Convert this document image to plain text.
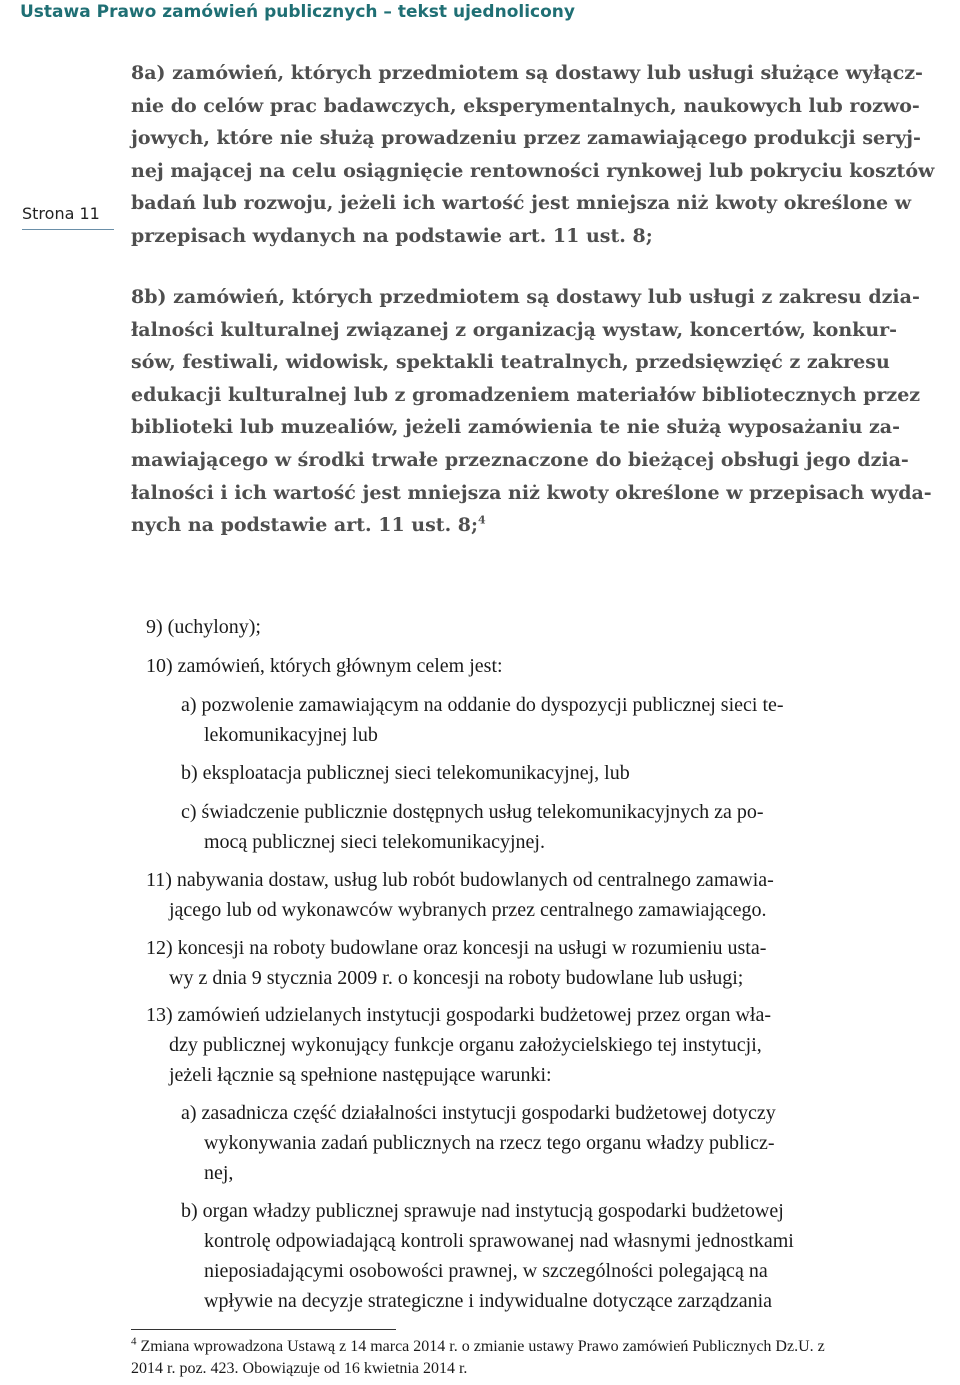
Ustawa Prawo zamówień publicznych – tekst ujednolicony
Strona 11
8a) zamówień, których przedmiotem są dostawy lub usługi służące wyłącz-
nie do celów prac badawczych, eksperymentalnych, naukowych lub rozwo-
jowych, które nie służą prowadzeniu przez zamawiającego produkcji seryj-
nej mającej na celu osiągnięcie rentowności rynkowej lub pokryciu kosztów
badań lub rozwoju, jeżeli ich wartość jest mniejsza niż kwoty określone w
przepisach wydanych na podstawie art. 11 ust. 8;
8b) zamówień, których przedmiotem są dostawy lub usługi z zakresu dzia-
łalności kulturalnej związanej z organizacją wystaw, koncertów, konkur-
sów, festiwali, widowisk, spektakli teatralnych, przedsięwzięć z zakresu
edukacji kulturalnej lub z gromadzeniem materiałów bibliotecznych przez
biblioteki lub muzealiów, jeżeli zamówienia te nie służą wyposażaniu za-
mawiającego w środki trwałe przeznaczone do bieżącej obsługi jego dzia-
łalności i ich wartość jest mniejsza niż kwoty określone w przepisach wyda-
nych na podstawie art. 11 ust. 8;$^4$
9) (uchylony);
10) zamówień, których głównym celem jest:
a) pozwolenie zamawiającym na oddanie do dyspozycji publicznej sieci te-
lekomunikacyjnej lub
b) eksploatacja publicznej sieci telekomunikacyjnej, lub
c) świadczenie publicznie dostępnych usług telekomunikacyjnych za po-
mocą publicznej sieci telekomunikacyjnej.
11) nabywania dostaw, usług lub robót budowlanych od centralnego zamawia-
jącego lub od wykonawców wybranych przez centralnego zamawiającego.
12) koncesji na roboty budowlane oraz koncesji na usługi w rozumieniu usta-
wy z dnia 9 stycznia 2009 r. o koncesji na roboty budowlane lub usługi;
13) zamówień udzielanych instytucji gospodarki budżetowej przez organ wła-
dzy publicznej wykonujący funkcje organu założycielskiego tej instytucji,
jeżeli łącznie są spełnione następujące warunki:
a) zasadnicza część działalności instytucji gospodarki budżetowej dotyczy
wykonywania zadań publicznych na rzecz tego organu władzy publicz-
nej,
b) organ władzy publicznej sprawuje nad instytucją gospodarki budżetowej
kontrolę odpowiadającą kontroli sprawowanej nad własnymi jednostkami
nieposiadającymi osobowości prawnej, w szczególności polegającą na
wpływie na decyzje strategiczne i indywidualne dotyczące zarządzania
$^4$ Zmiana wprowadzona Ustawą z 14 marca 2014 r. o zmianie ustawy Prawo zamówień Publicznych Dz.U. z
2014 r. poz. 423. Obowiązuje od 16 kwietnia 2014 r.
